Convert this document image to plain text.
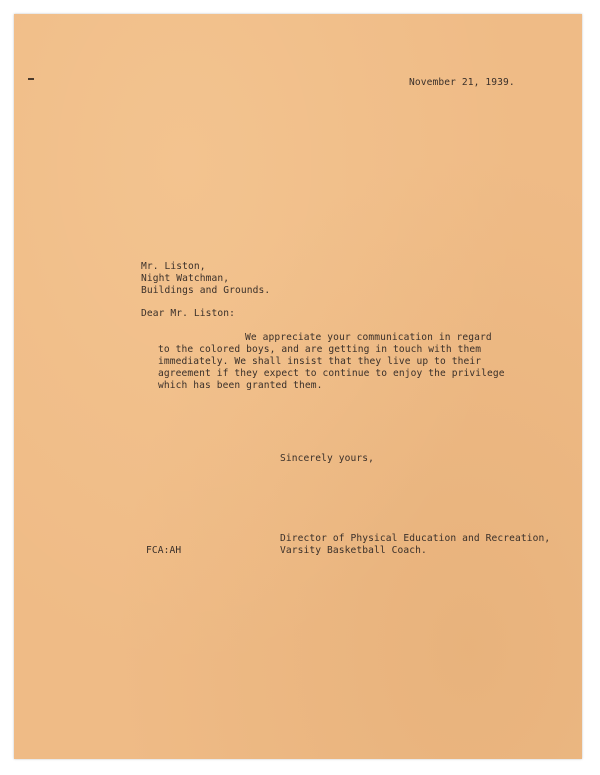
November 21, 1939.
Mr. Liston,
Night Watchman,
Buildings and Grounds.
Dear Mr. Liston:
We appreciate your communication in regard
to the colored boys, and are getting in touch with them
immediately. We shall insist that they live up to their
agreement if they expect to continue to enjoy the privilege
which has been granted them.
Sincerely yours,
Director of Physical Education and Recreation,
Varsity Basketball Coach.
FCA:AH
